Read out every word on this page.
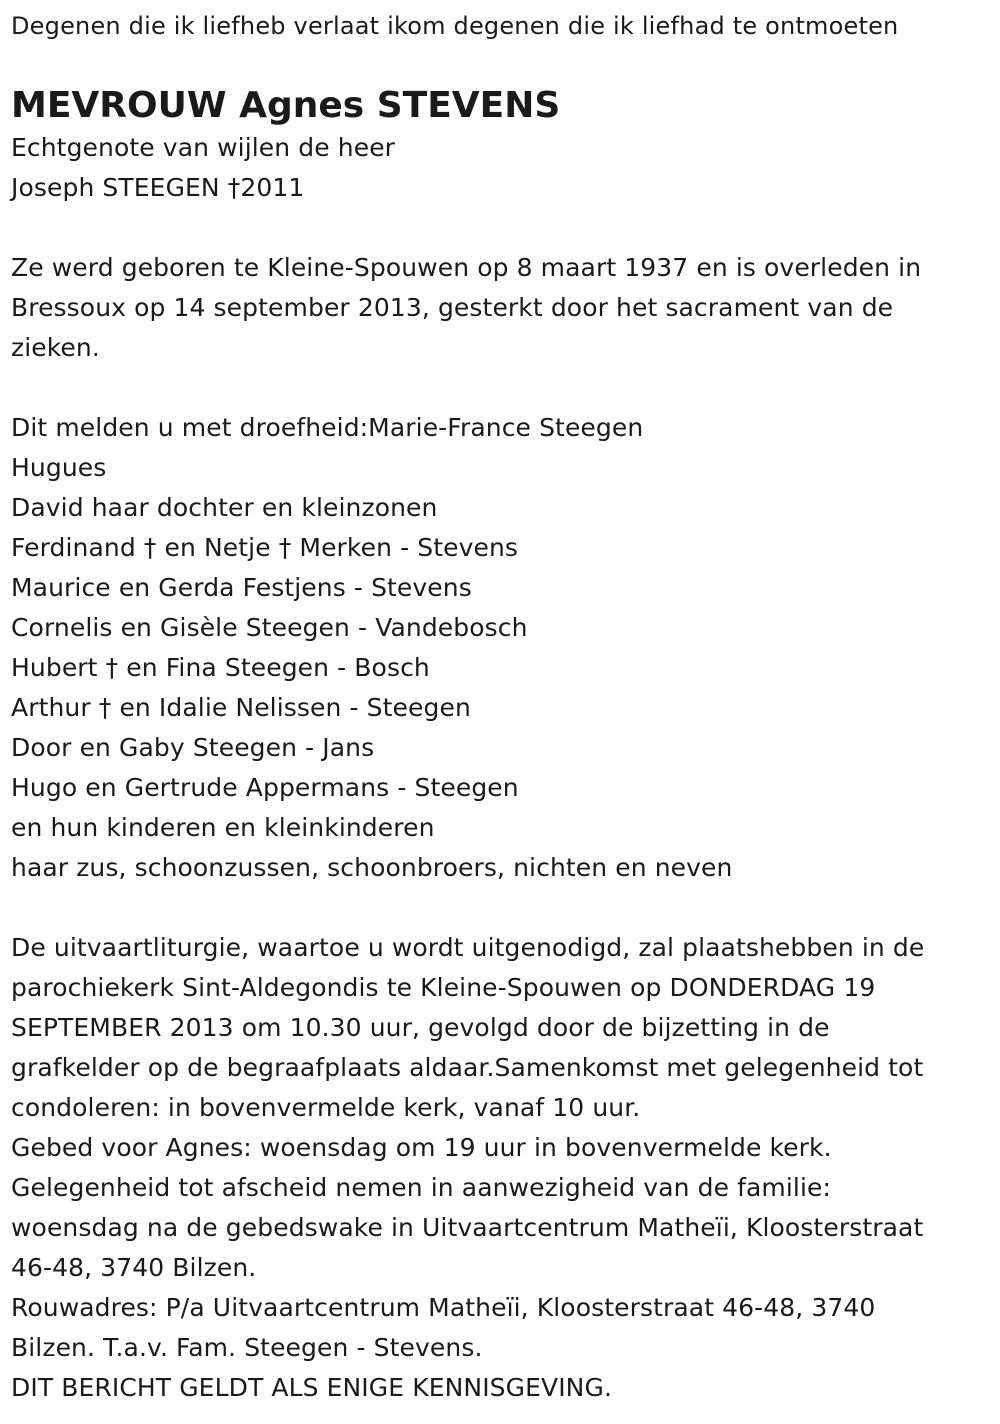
Degenen die ik liefheb verlaat ikom degenen die ik liefhad te ontmoeten
MEVROUW Agnes STEVENS
Echtgenote van wijlen de heer
Joseph STEEGEN †2011
Ze werd geboren te Kleine-Spouwen op 8 maart 1937 en is overleden in
Bressoux op 14 september 2013, gesterkt door het sacrament van de
zieken.
Dit melden u met droefheid:Marie-France Steegen
Hugues
David haar dochter en kleinzonen
Ferdinand † en Netje † Merken - Stevens
Maurice en Gerda Festjens - Stevens
Cornelis en Gisèle Steegen - Vandebosch
Hubert † en Fina Steegen - Bosch
Arthur † en Idalie Nelissen - Steegen
Door en Gaby Steegen - Jans
Hugo en Gertrude Appermans - Steegen
en hun kinderen en kleinkinderen
haar zus, schoonzussen, schoonbroers, nichten en neven
De uitvaartliturgie, waartoe u wordt uitgenodigd, zal plaatshebben in de
parochiekerk Sint-Aldegondis te Kleine-Spouwen op DONDERDAG 19
SEPTEMBER 2013 om 10.30 uur, gevolgd door de bijzetting in de
grafkelder op de begraafplaats aldaar.Samenkomst met gelegenheid tot
condoleren: in bovenvermelde kerk, vanaf 10 uur.
Gebed voor Agnes: woensdag om 19 uur in bovenvermelde kerk.
Gelegenheid tot afscheid nemen in aanwezigheid van de familie:
woensdag na de gebedswake in Uitvaartcentrum Matheïi, Kloosterstraat
46-48, 3740 Bilzen.
Rouwadres: P/a Uitvaartcentrum Matheïi, Kloosterstraat 46-48, 3740
Bilzen. T.a.v. Fam. Steegen - Stevens.
DIT BERICHT GELDT ALS ENIGE KENNISGEVING.
